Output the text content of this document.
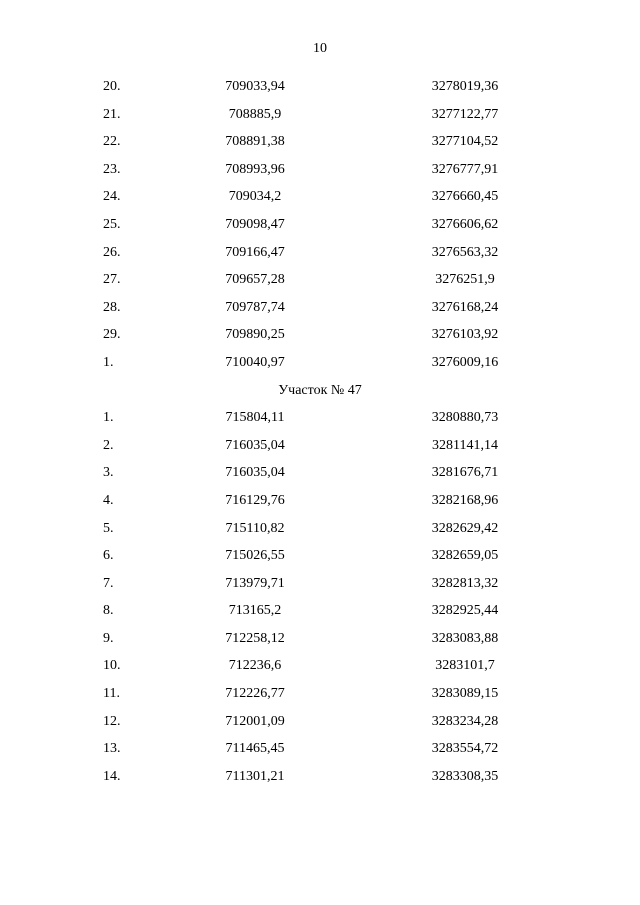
10
20.	709033,94	3278019,36
21.	708885,9	3277122,77
22.	708891,38	3277104,52
23.	708993,96	3276777,91
24.	709034,2	3276660,45
25.	709098,47	3276606,62
26.	709166,47	3276563,32
27.	709657,28	3276251,9
28.	709787,74	3276168,24
29.	709890,25	3276103,92
1.	710040,97	3276009,16
Участок № 47
1.	715804,11	3280880,73
2.	716035,04	3281141,14
3.	716035,04	3281676,71
4.	716129,76	3282168,96
5.	715110,82	3282629,42
6.	715026,55	3282659,05
7.	713979,71	3282813,32
8.	713165,2	3282925,44
9.	712258,12	3283083,88
10.	712236,6	3283101,7
11.	712226,77	3283089,15
12.	712001,09	3283234,28
13.	711465,45	3283554,72
14.	711301,21	3283308,35
